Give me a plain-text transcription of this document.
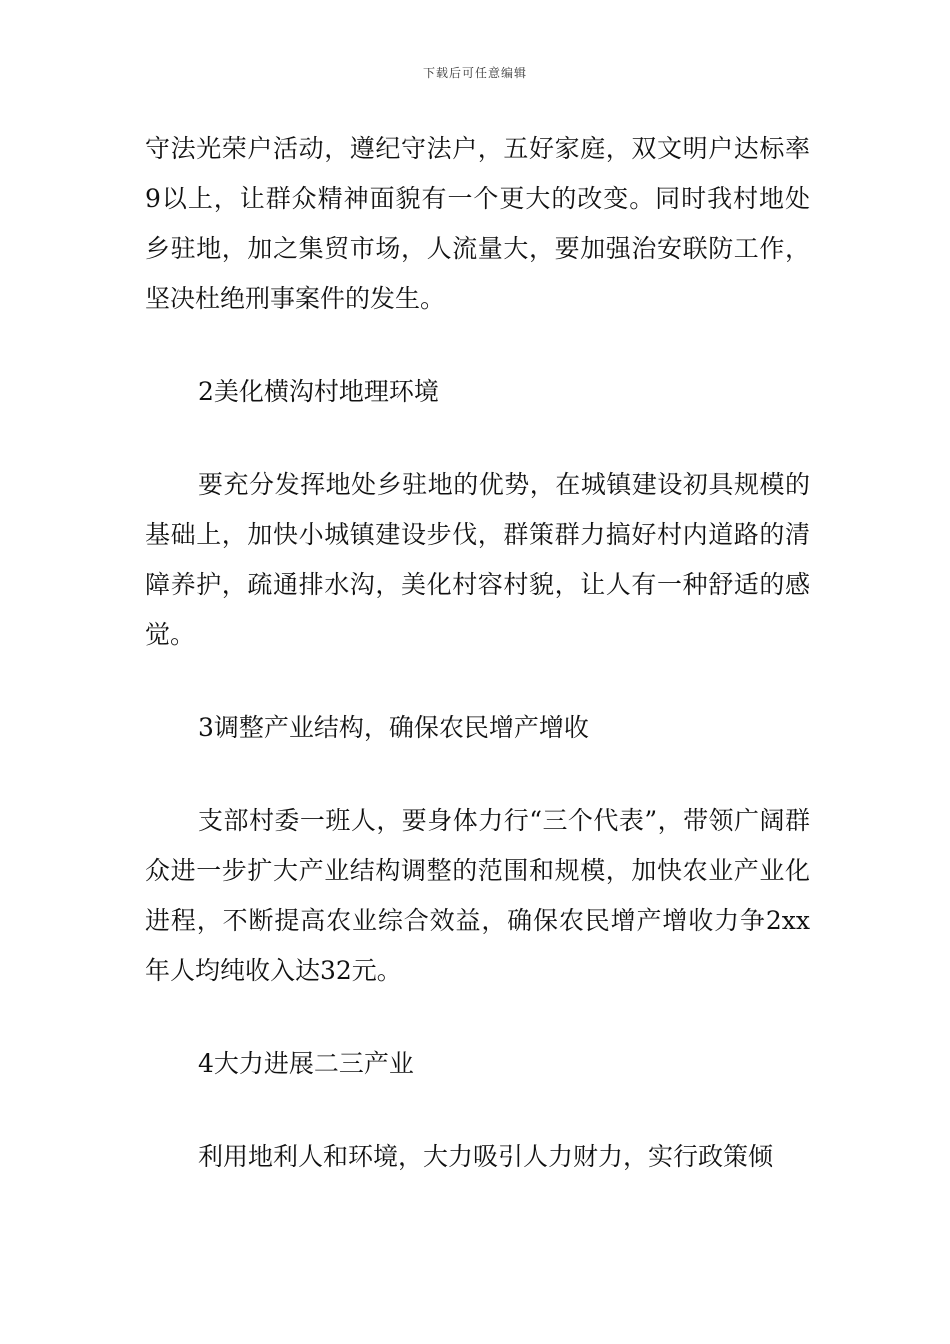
下载后可任意编辑

守法光荣户活动，遵纪守法户，五好家庭，双文明户达标率9以上，让群众精神面貌有一个更大的改变。同时我村地处乡驻地，加之集贸市场，人流量大，要加强治安联防工作，坚决杜绝刑事案件的发生。

2美化横沟村地理环境

要充分发挥地处乡驻地的优势，在城镇建设初具规模的基础上，加快小城镇建设步伐，群策群力搞好村内道路的清障养护，疏通排水沟，美化村容村貌，让人有一种舒适的感觉。

3调整产业结构，确保农民增产增收

支部村委一班人，要身体力行“三个代表”，带领广阔群众进一步扩大产业结构调整的范围和规模，加快农业产业化进程，不断提高农业综合效益，确保农民增产增收力争2xx年人均纯收入达32元。

4大力进展二三产业

利用地利人和环境，大力吸引人力财力，实行政策倾
